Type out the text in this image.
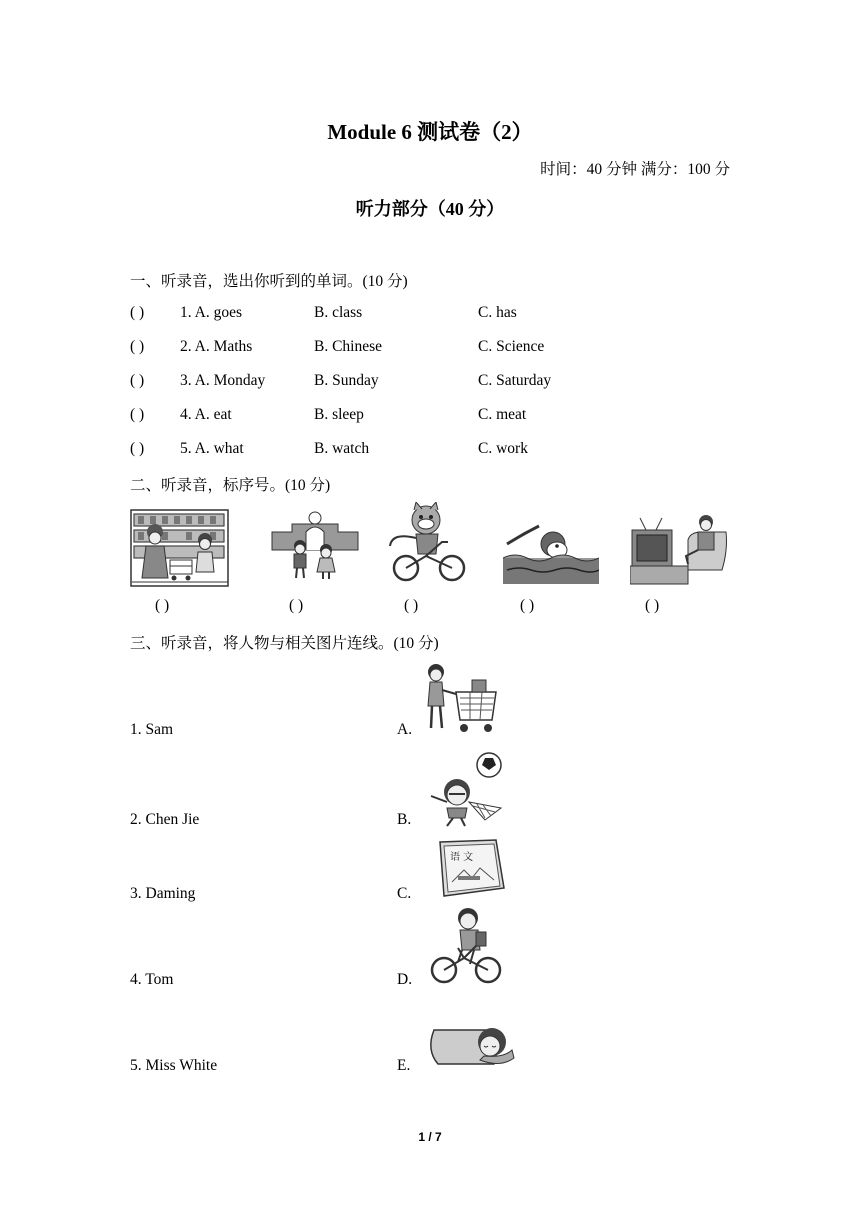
Module 6 测试卷（2）
时间：40 分钟 满分：100 分
听力部分（40 分）
一、听录音，选出你听到的单词。(10 分)
( ) 1. A. goes	B. class	C. has
( ) 2. A. Maths	B. Chinese	C. Science
( ) 3. A. Monday	B. Sunday	C. Saturday
( ) 4. A. eat	B. sleep	C. meat
( ) 5. A. what	B. watch	C. work
二、听录音，标序号。(10 分)
( )	( )	( )	( )	( )
三、听录音，将人物与相关图片连线。(10 分)
1. Sam
2. Chen Jie
3. Daming
4. Tom
5. Miss White
A.
B.
C.
D.
E.
语 文
1 / 7
